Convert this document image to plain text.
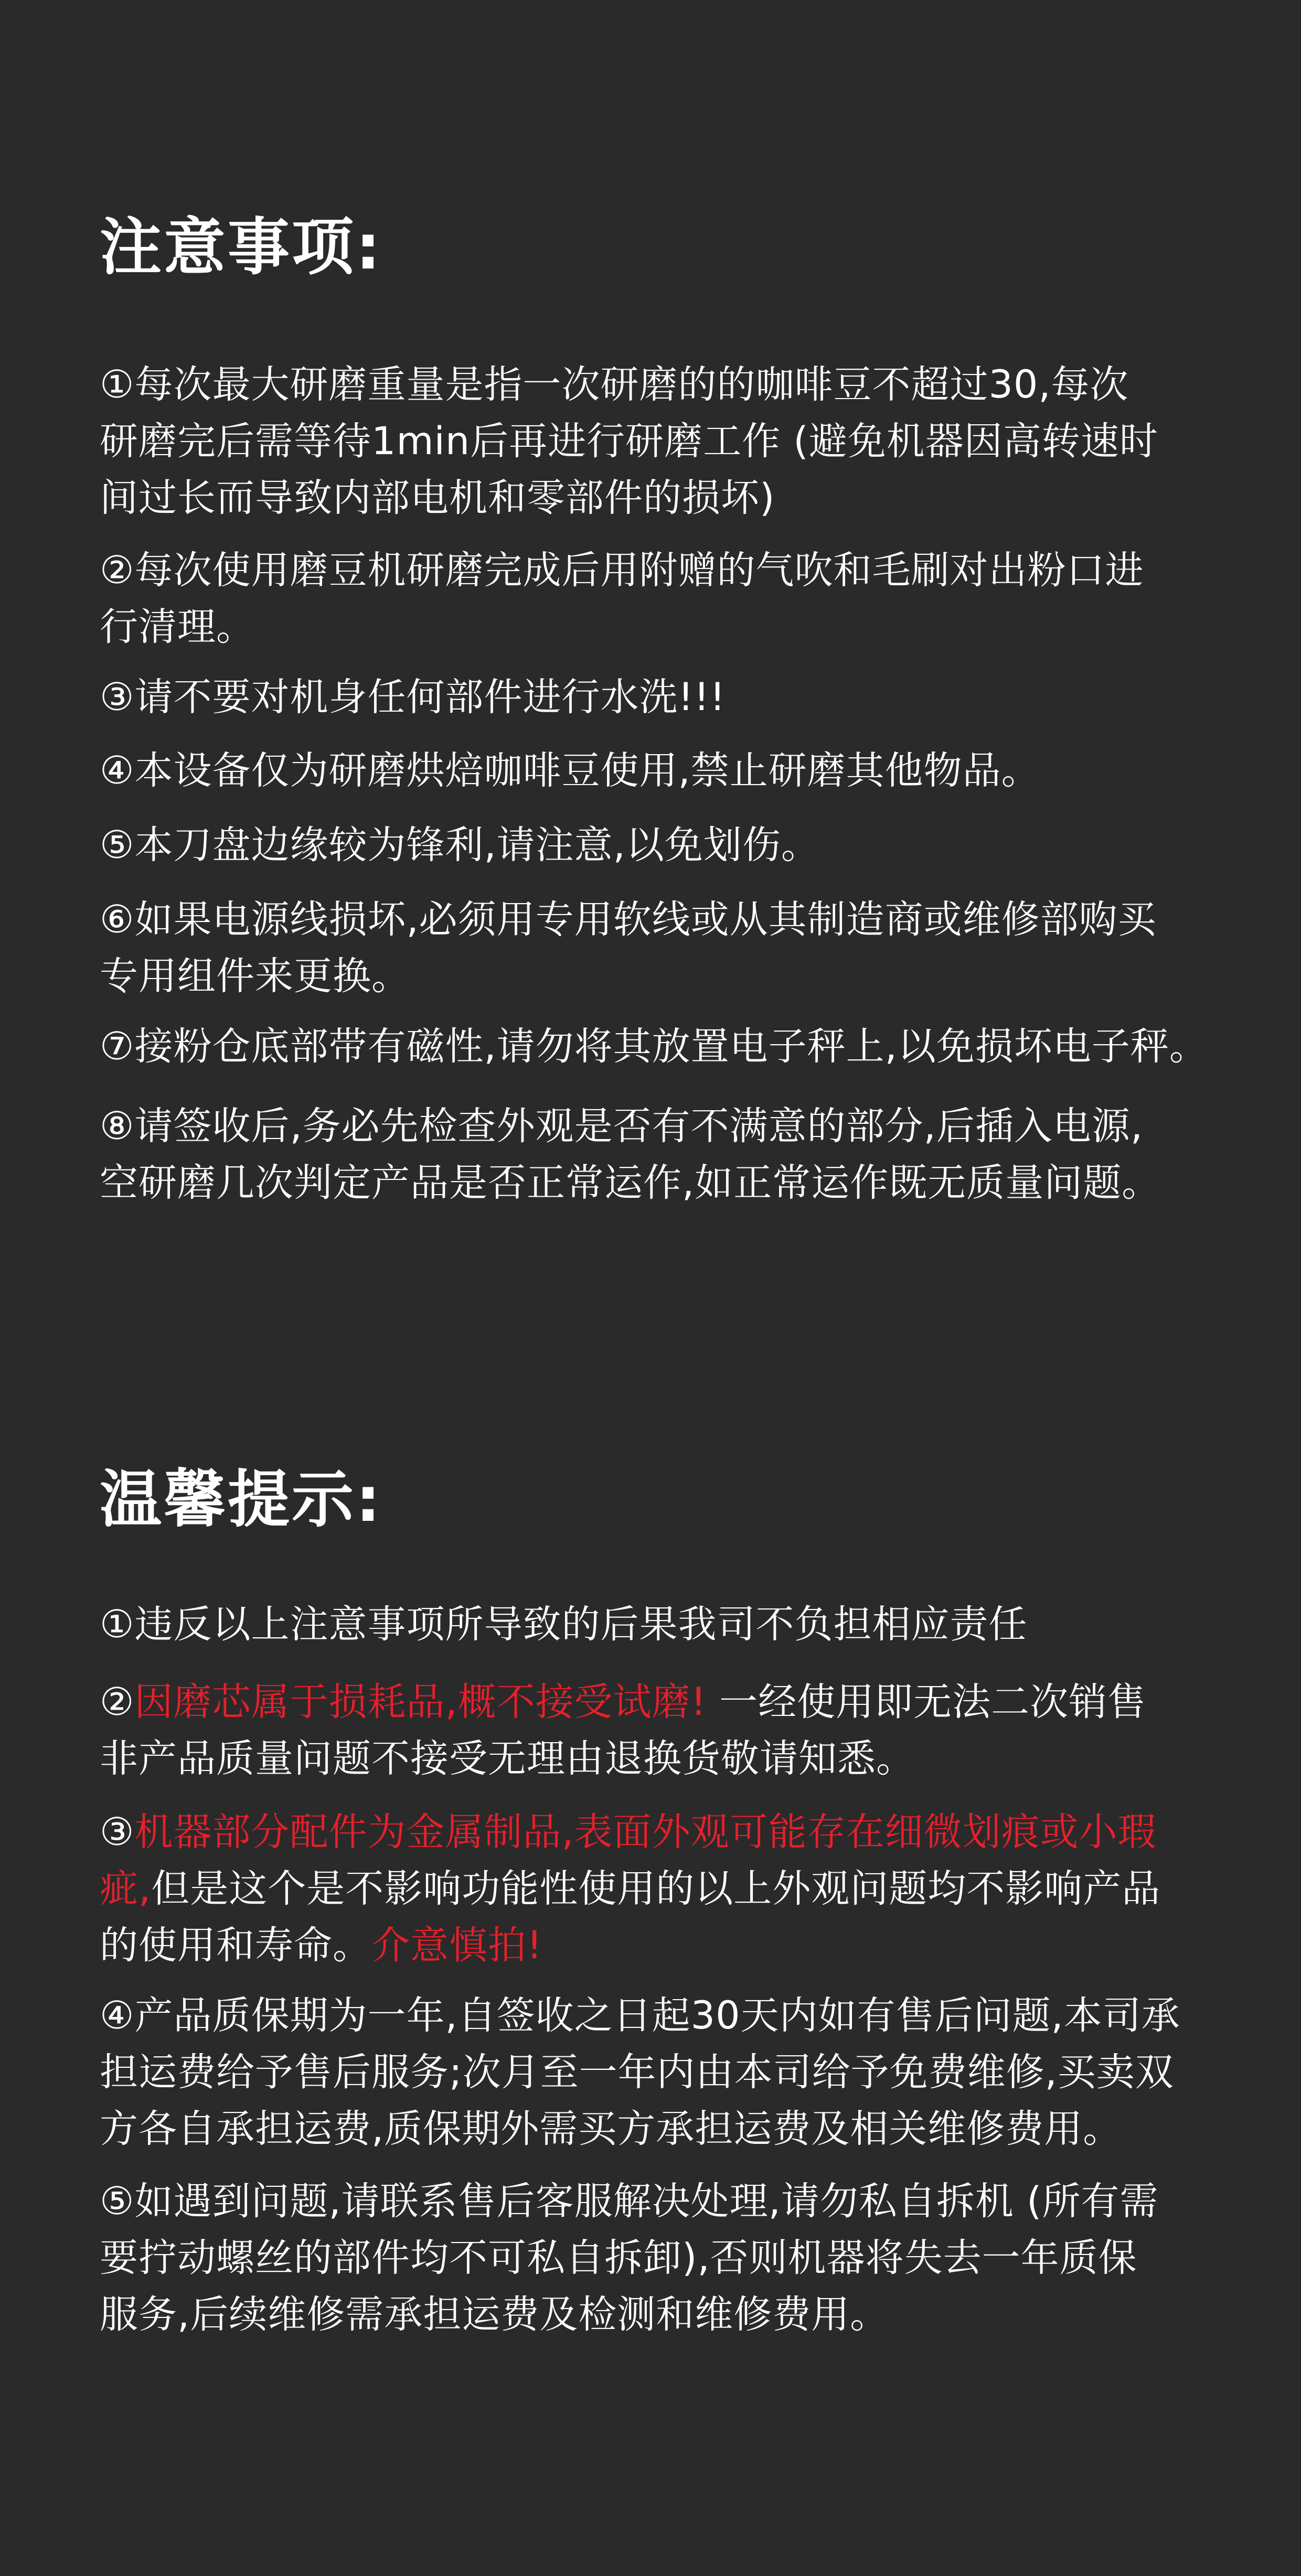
注意事项:

①每次最大研磨重量是指一次研磨的的咖啡豆不超过30,每次
研磨完后需等待1min后再进行研磨工作 (避免机器因高转速时
间过长而导致内部电机和零部件的损坏)

②每次使用磨豆机研磨完成后用附赠的气吹和毛刷对出粉口进
行清理。

③请不要对机身任何部件进行水洗!!!

④本设备仅为研磨烘焙咖啡豆使用,禁止研磨其他物品。

⑤本刀盘边缘较为锋利,请注意,以免划伤。

⑥如果电源线损坏,必须用专用软线或从其制造商或维修部购买
专用组件来更换。

⑦接粉仓底部带有磁性,请勿将其放置电子秤上,以免损坏电子秤。

⑧请签收后,务必先检查外观是否有不满意的部分,后插入电源,
空研磨几次判定产品是否正常运作,如正常运作既无质量问题。

温馨提示:

①违反以上注意事项所导致的后果我司不负担相应责任

②因磨芯属于损耗品,概不接受试磨! 一经使用即无法二次销售
非产品质量问题不接受无理由退换货敬请知悉。

③机器部分配件为金属制品,表面外观可能存在细微划痕或小瑕
疵,但是这个是不影响功能性使用的以上外观问题均不影响产品
的使用和寿命。介意慎拍!

④产品质保期为一年,自签收之日起30天内如有售后问题,本司承
担运费给予售后服务;次月至一年内由本司给予免费维修,买卖双
方各自承担运费,质保期外需买方承担运费及相关维修费用。

⑤如遇到问题,请联系售后客服解决处理,请勿私自拆机 (所有需
要拧动螺丝的部件均不可私自拆卸),否则机器将失去一年质保
服务,后续维修需承担运费及检测和维修费用。
